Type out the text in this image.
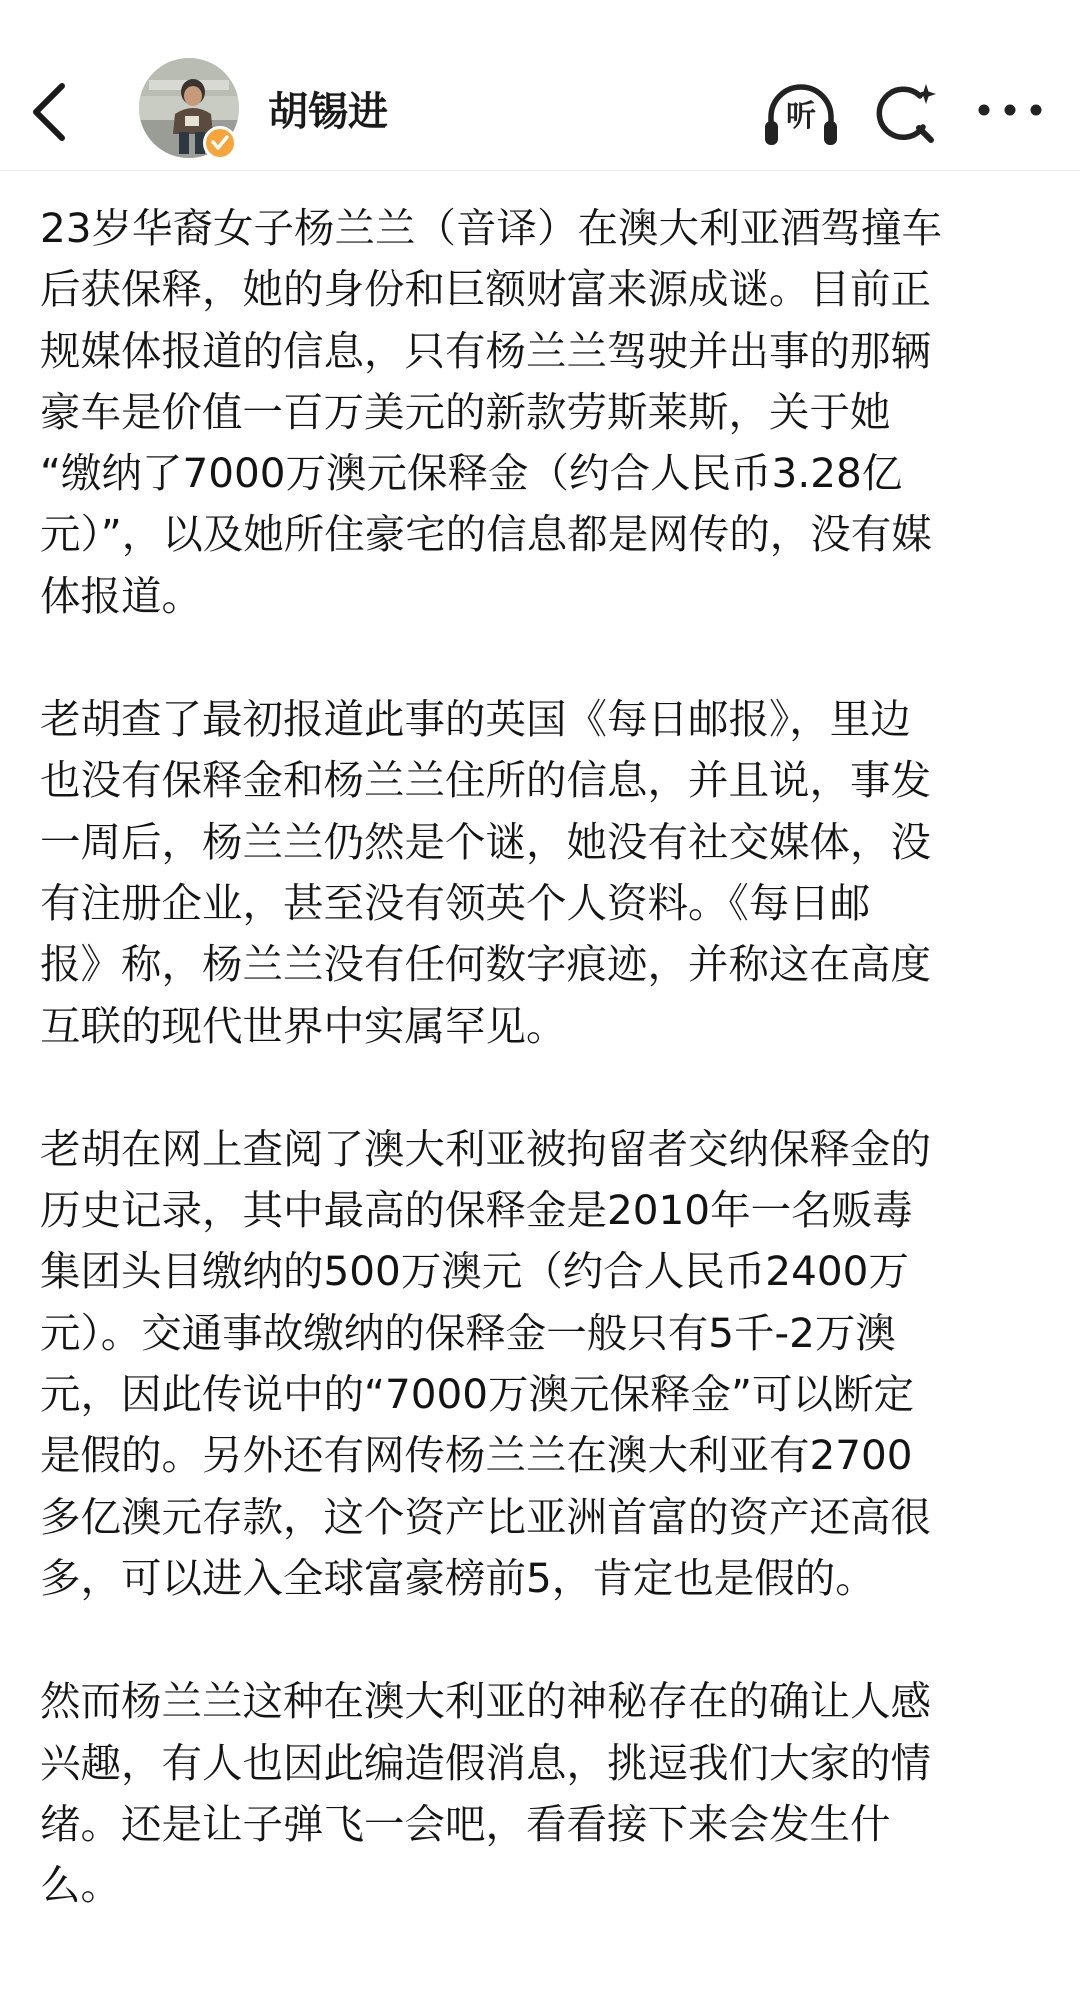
胡锡进	听

23岁华裔女子杨兰兰（音译）在澳大利亚酒驾撞车
后获保释，她的身份和巨额财富来源成谜。目前正
规媒体报道的信息，只有杨兰兰驾驶并出事的那辆
豪车是价值一百万美元的新款劳斯莱斯，关于她
“缴纳了7000万澳元保释金（约合人民币3.28亿
元）”，以及她所住豪宅的信息都是网传的，没有媒
体报道。

老胡查了最初报道此事的英国《每日邮报》，里边
也没有保释金和杨兰兰住所的信息，并且说，事发
一周后，杨兰兰仍然是个谜，她没有社交媒体，没
有注册企业，甚至没有领英个人资料。《每日邮
报》称，杨兰兰没有任何数字痕迹，并称这在高度
互联的现代世界中实属罕见。

老胡在网上查阅了澳大利亚被拘留者交纳保释金的
历史记录，其中最高的保释金是2010年一名贩毒
集团头目缴纳的500万澳元（约合人民币2400万
元）。交通事故缴纳的保释金一般只有5千-2万澳
元，因此传说中的“7000万澳元保释金”可以断定
是假的。另外还有网传杨兰兰在澳大利亚有2700
多亿澳元存款，这个资产比亚洲首富的资产还高很
多，可以进入全球富豪榜前5，肯定也是假的。

然而杨兰兰这种在澳大利亚的神秘存在的确让人感
兴趣，有人也因此编造假消息，挑逗我们大家的情
绪。还是让子弹飞一会吧，看看接下来会发生什
么。
